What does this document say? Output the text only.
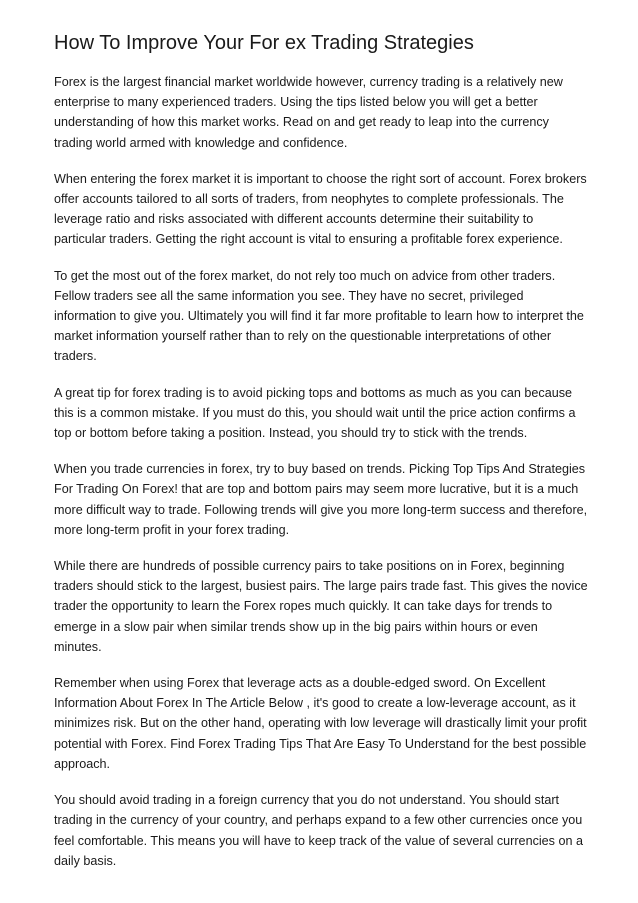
How To Improve Your For ex Trading Strategies

Forex is the largest financial market worldwide however, currency trading is a relatively new enterprise to many experienced traders. Using the tips listed below you will get a better understanding of how this market works. Read on and get ready to leap into the currency trading world armed with knowledge and confidence.

When entering the forex market it is important to choose the right sort of account. Forex brokers offer accounts tailored to all sorts of traders, from neophytes to complete professionals. The leverage ratio and risks associated with different accounts determine their suitability to particular traders. Getting the right account is vital to ensuring a profitable forex experience.

To get the most out of the forex market, do not rely too much on advice from other traders. Fellow traders see all the same information you see. They have no secret, privileged information to give you. Ultimately you will find it far more profitable to learn how to interpret the market information yourself rather than to rely on the questionable interpretations of other traders.

A great tip for forex trading is to avoid picking tops and bottoms as much as you can because this is a common mistake. If you must do this, you should wait until the price action confirms a top or bottom before taking a position. Instead, you should try to stick with the trends.

When you trade currencies in forex, try to buy based on trends. Picking Top Tips And Strategies For Trading On Forex! that are top and bottom pairs may seem more lucrative, but it is a much more difficult way to trade. Following trends will give you more long-term success and therefore, more long-term profit in your forex trading.

While there are hundreds of possible currency pairs to take positions on in Forex, beginning traders should stick to the largest, busiest pairs. The large pairs trade fast. This gives the novice trader the opportunity to learn the Forex ropes much quickly. It can take days for trends to emerge in a slow pair when similar trends show up in the big pairs within hours or even minutes.

Remember when using Forex that leverage acts as a double-edged sword. On Excellent Information About Forex In The Article Below , it's good to create a low-leverage account, as it minimizes risk. But on the other hand, operating with low leverage will drastically limit your profit potential with Forex. Find Forex Trading Tips That Are Easy To Understand for the best possible approach.

You should avoid trading in a foreign currency that you do not understand. You should start trading in the currency of your country, and perhaps expand to a few other currencies once you feel comfortable. This means you will have to keep track of the value of several currencies on a daily basis.
